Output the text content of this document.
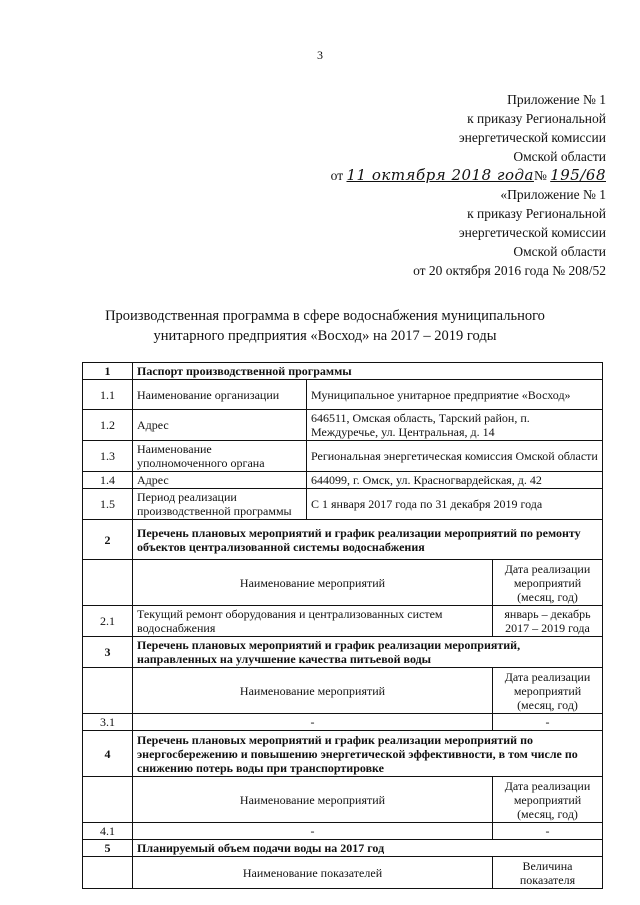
3
Приложение № 1
к приказу Региональной
энергетической комиссии
Омской области
от 11 октября 2018 года№ 195/68
«Приложение № 1
к приказу Региональной
энергетической комиссии
Омской области
от 20 октября 2016 года № 208/52
Производственная программа в сфере водоснабжения муниципального
унитарного предприятия «Восход» на 2017 – 2019 годы
1	Паспорт производственной программы		
1.1	Наименование организации	Муниципальное унитарное предприятие «Восход»	
1.2	Адрес	646511, Омская область, Тарский район, п. Междуречье, ул. Центральная, д. 14	
1.3	Наименование уполномоченного органа	Региональная энергетическая комиссия Омской области	
1.4	Адрес	644099, г. Омск, ул. Красногвардейская, д. 42	
1.5	Период реализации производственной программы	С 1 января 2017 года по 31 декабря 2019 года	
2	Перечень плановых мероприятий и график реализации мероприятий по ремонту объектов централизованной системы водоснабжения		
	Наименование мероприятий		Дата реализации мероприятий (месяц, год)
2.1	Текущий ремонт оборудования и централизованных систем водоснабжения		январь – декабрь 2017 – 2019 года
3	Перечень плановых мероприятий и график реализации мероприятий, направленных на улучшение качества питьевой воды		
	Наименование мероприятий		Дата реализации мероприятий (месяц, год)
3.1	-		-
4	Перечень плановых мероприятий и график реализации мероприятий по энергосбережению и повышению энергетической эффективности, в том числе по снижению потерь воды при транспортировке		
	Наименование мероприятий		Дата реализации мероприятий (месяц, год)
4.1	-		-
5	Планируемый объем подачи воды на 2017 год		
	Наименование показателей		Величина показателя
